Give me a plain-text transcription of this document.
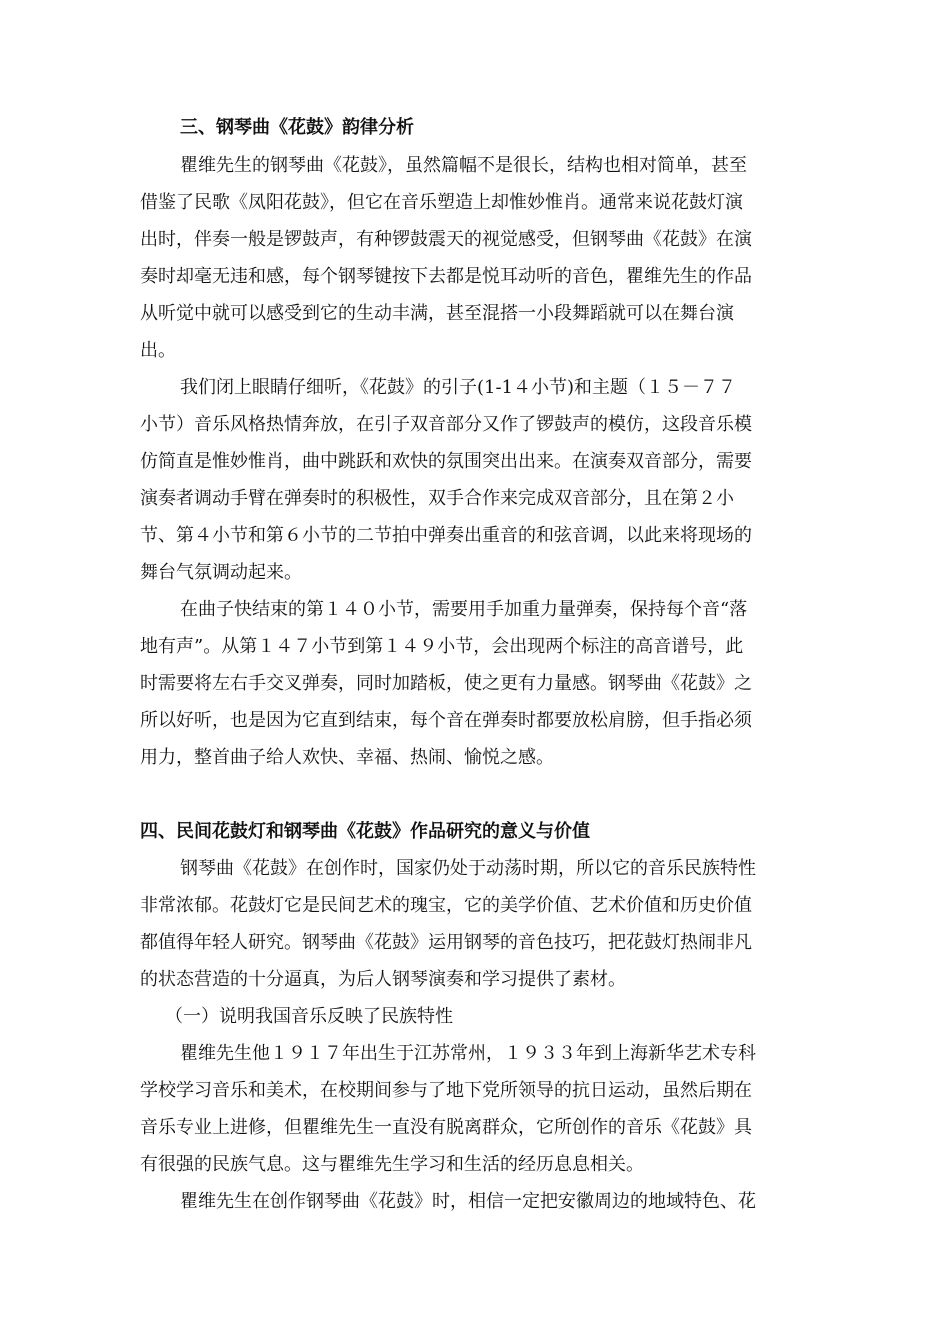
三、钢琴曲《花鼓》韵律分析
瞿维先生的钢琴曲《花鼓》，虽然篇幅不是很长，结构也相对简单，甚至
借鉴了民歌《凤阳花鼓》，但它在音乐塑造上却惟妙惟肖。通常来说花鼓灯演
出时，伴奏一般是锣鼓声，有种锣鼓震天的视觉感受，但钢琴曲《花鼓》在演
奏时却毫无违和感，每个钢琴键按下去都是悦耳动听的音色，瞿维先生的作品
从听觉中就可以感受到它的生动丰满，甚至混搭一小段舞蹈就可以在舞台演
出。
我们闭上眼睛仔细听，《花鼓》的引子(1-1４小节)和主题（１５－７７
小节）音乐风格热情奔放，在引子双音部分又作了锣鼓声的模仿，这段音乐模
仿简直是惟妙惟肖，曲中跳跃和欢快的氛围突出出来。在演奏双音部分，需要
演奏者调动手臂在弹奏时的积极性，双手合作来完成双音部分，且在第２小
节、第４小节和第６小节的二节拍中弹奏出重音的和弦音调，以此来将现场的
舞台气氛调动起来。
在曲子快结束的第１４０小节，需要用手加重力量弹奏，保持每个音“落
地有声”。从第１４７小节到第１４９小节，会出现两个标注的高音谱号，此
时需要将左右手交叉弹奏，同时加踏板，使之更有力量感。钢琴曲《花鼓》之
所以好听，也是因为它直到结束，每个音在弹奏时都要放松肩膀，但手指必须
用力，整首曲子给人欢快、幸福、热闹、愉悦之感。
四、民间花鼓灯和钢琴曲《花鼓》作品研究的意义与价值
钢琴曲《花鼓》在创作时，国家仍处于动荡时期，所以它的音乐民族特性
非常浓郁。花鼓灯它是民间艺术的瑰宝，它的美学价值、艺术价值和历史价值
都值得年轻人研究。钢琴曲《花鼓》运用钢琴的音色技巧，把花鼓灯热闹非凡
的状态营造的十分逼真，为后人钢琴演奏和学习提供了素材。
（一）说明我国音乐反映了民族特性
瞿维先生他１９１７年出生于江苏常州，１９３３年到上海新华艺术专科
学校学习音乐和美术，在校期间参与了地下党所领导的抗日运动，虽然后期在
音乐专业上进修，但瞿维先生一直没有脱离群众，它所创作的音乐《花鼓》具
有很强的民族气息。这与瞿维先生学习和生活的经历息息相关。
瞿维先生在创作钢琴曲《花鼓》时，相信一定把安徽周边的地域特色、花
